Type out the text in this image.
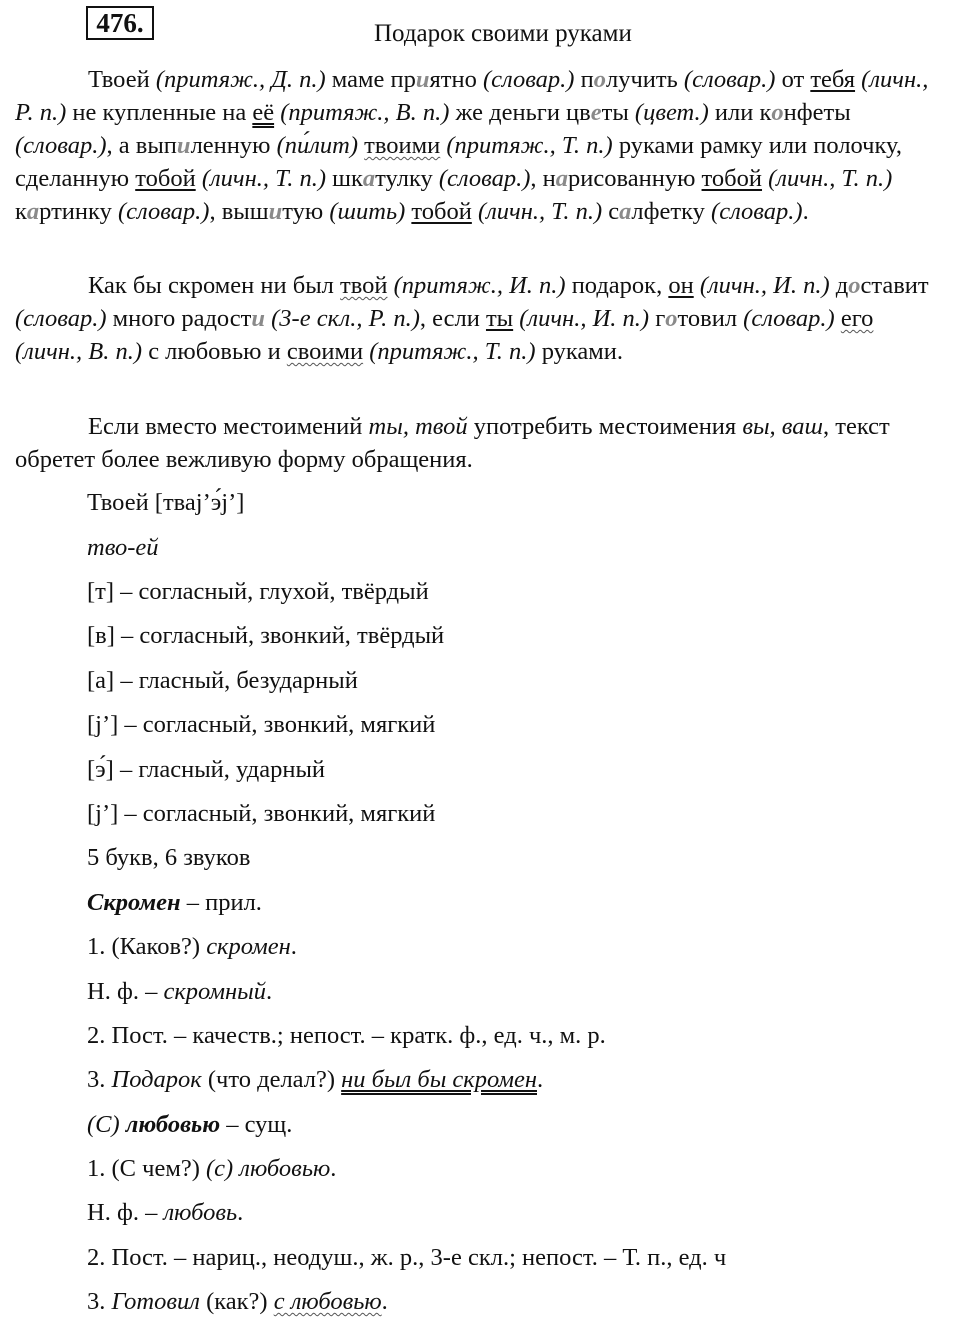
476.	Подарок своими руками

Твоей (притяж., Д. п.) маме приятно (словар.) получить (словар.) от тебя (личн., Р. п.) не купленные на её (притяж., В. п.) же деньги цветы (цвет.) или конфеты (словар.), а выпиленную (пи́лит) твоими (притяж., Т. п.) руками рамку или полочку, сделанную тобой (личн., Т. п.) шкатулку (словар.), нарисованную тобой (личн., Т. п.) картинку (словар.), вышитую (шить) тобой (личн., Т. п.) салфетку (словар.).

Как бы скромен ни был твой (притяж., И. п.) подарок, он (личн., И. п.) доставит (словар.) много радости (3-е скл., Р. п.), если ты (личн., И. п.) готовил (словар.) его (личн., В. п.) с любовью и своими (притяж., Т. п.) руками.

Если вместо местоимений ты, твой употребить местоимения вы, ваш, текст обретет более вежливую форму обращения.

Твоей [тваj’э́j’]
тво-ей
[т] – согласный, глухой, твёрдый
[в] – согласный, звонкий, твёрдый
[а] – гласный, безударный
[j’] – согласный, звонкий, мягкий
[э́] – гласный, ударный
[j’] – согласный, звонкий, мягкий
5 букв, 6 звуков
Скромен – прил.
1. (Каков?) скромен.
Н. ф. – скромный.
2. Пост. – качеств.; непост. – кратк. ф., ед. ч., м. р.
3. Подарок (что делал?) ни был бы скромен.
(С) любовью – сущ.
1. (С чем?) (с) любовью.
Н. ф. – любовь.
2. Пост. – нариц., неодуш., ж. р., 3-е скл.; непост. – Т. п., ед. ч
3. Готовил (как?) с любовью.
